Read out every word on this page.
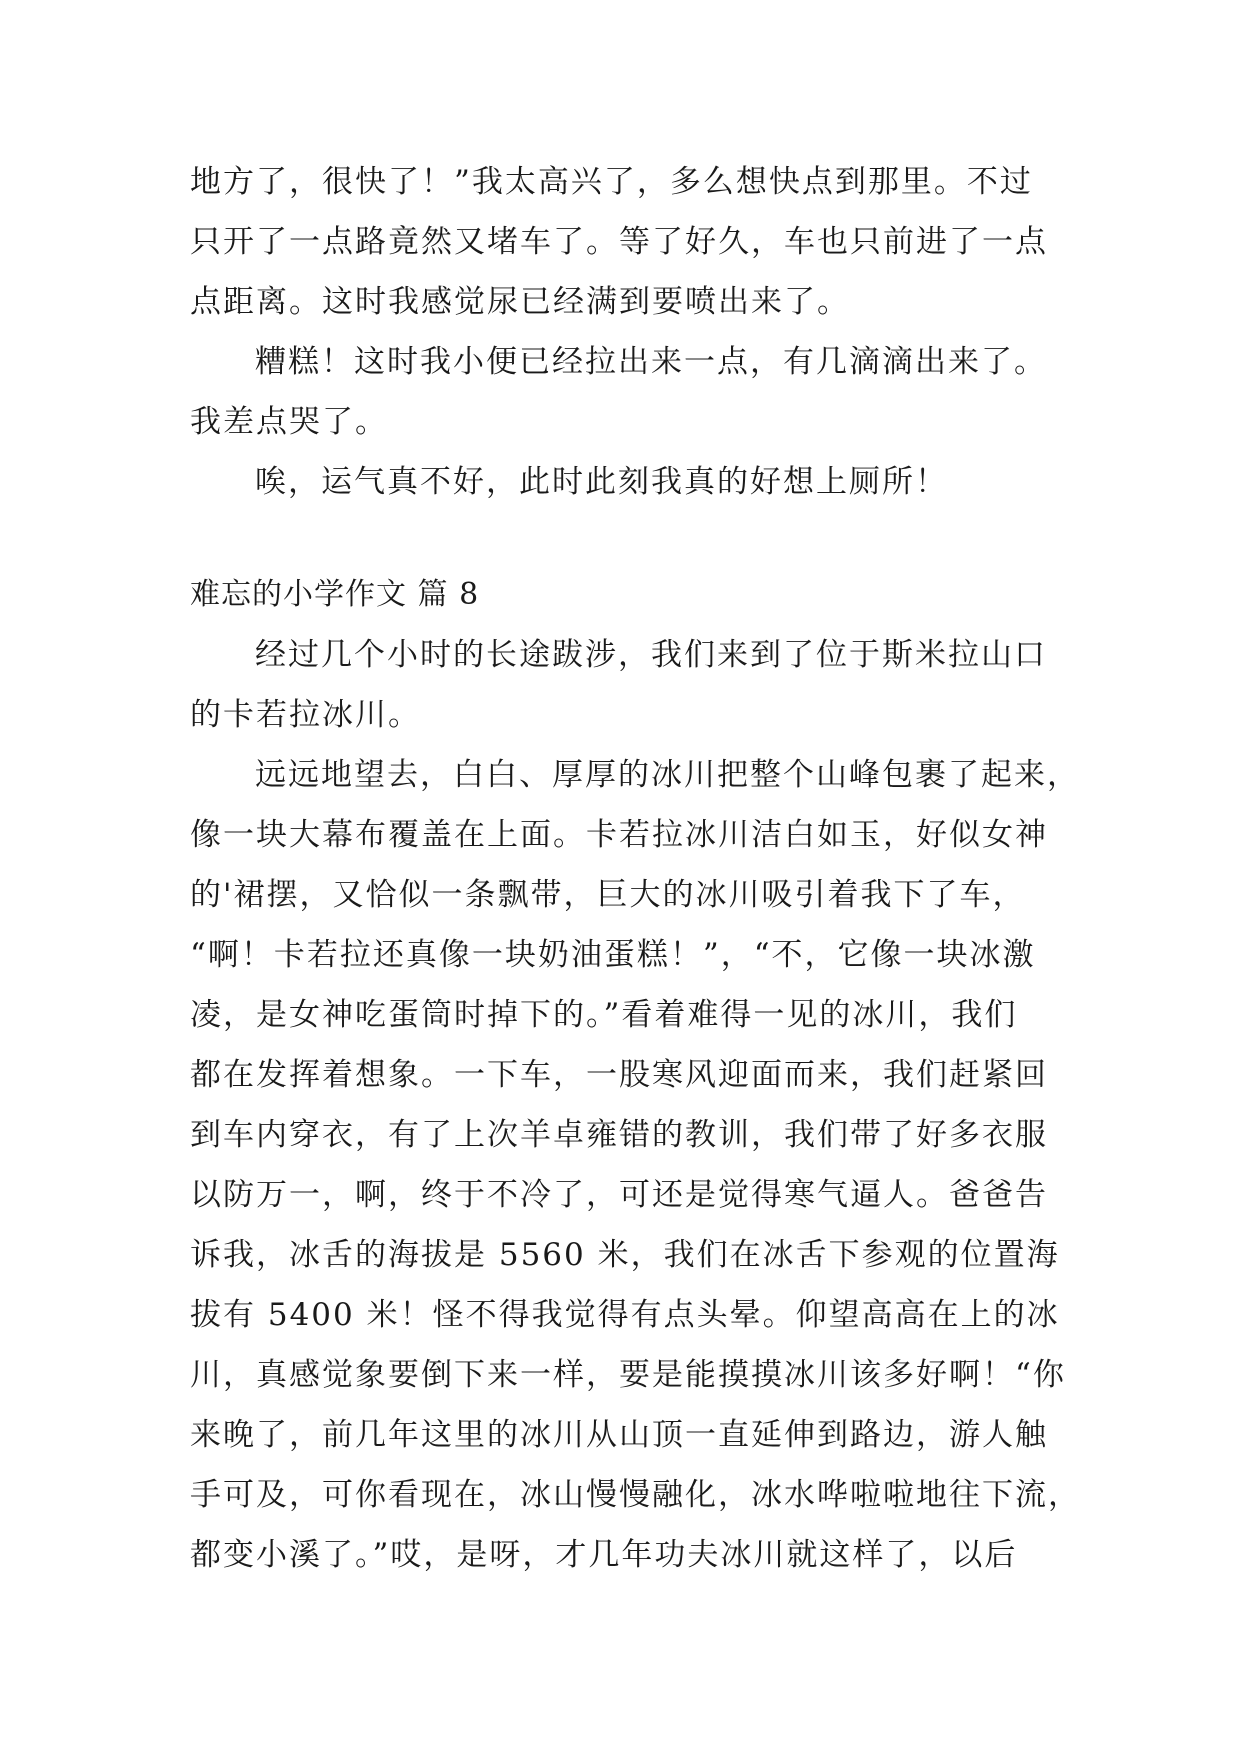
地方了，很快了！”我太高兴了，多么想快点到那里。不过
只开了一点路竟然又堵车了。等了好久，车也只前进了一点
点距离。这时我感觉尿已经满到要喷出来了。
糟糕！这时我小便已经拉出来一点，有几滴滴出来了。
我差点哭了。
唉，运气真不好，此时此刻我真的好想上厕所！
难忘的小学作文 篇 8
经过几个小时的长途跋涉，我们来到了位于斯米拉山口
的卡若拉冰川。
远远地望去，白白、厚厚的冰川把整个山峰包裹了起来，
像一块大幕布覆盖在上面。卡若拉冰川洁白如玉，好似女神
的'裙摆，又恰似一条飘带，巨大的冰川吸引着我下了车，
“啊！卡若拉还真像一块奶油蛋糕！”，“不，它像一块冰激
凌，是女神吃蛋筒时掉下的。”看着难得一见的冰川，我们
都在发挥着想象。一下车，一股寒风迎面而来，我们赶紧回
到车内穿衣，有了上次羊卓雍错的教训，我们带了好多衣服
以防万一，啊，终于不冷了，可还是觉得寒气逼人。爸爸告
诉我，冰舌的海拔是 5560 米，我们在冰舌下参观的位置海
拔有 5400 米！怪不得我觉得有点头晕。仰望高高在上的冰
川，真感觉象要倒下来一样，要是能摸摸冰川该多好啊！“你
来晚了，前几年这里的冰川从山顶一直延伸到路边，游人触
手可及，可你看现在，冰山慢慢融化，冰水哗啦啦地往下流，
都变小溪了。”哎，是呀，才几年功夫冰川就这样了，以后
